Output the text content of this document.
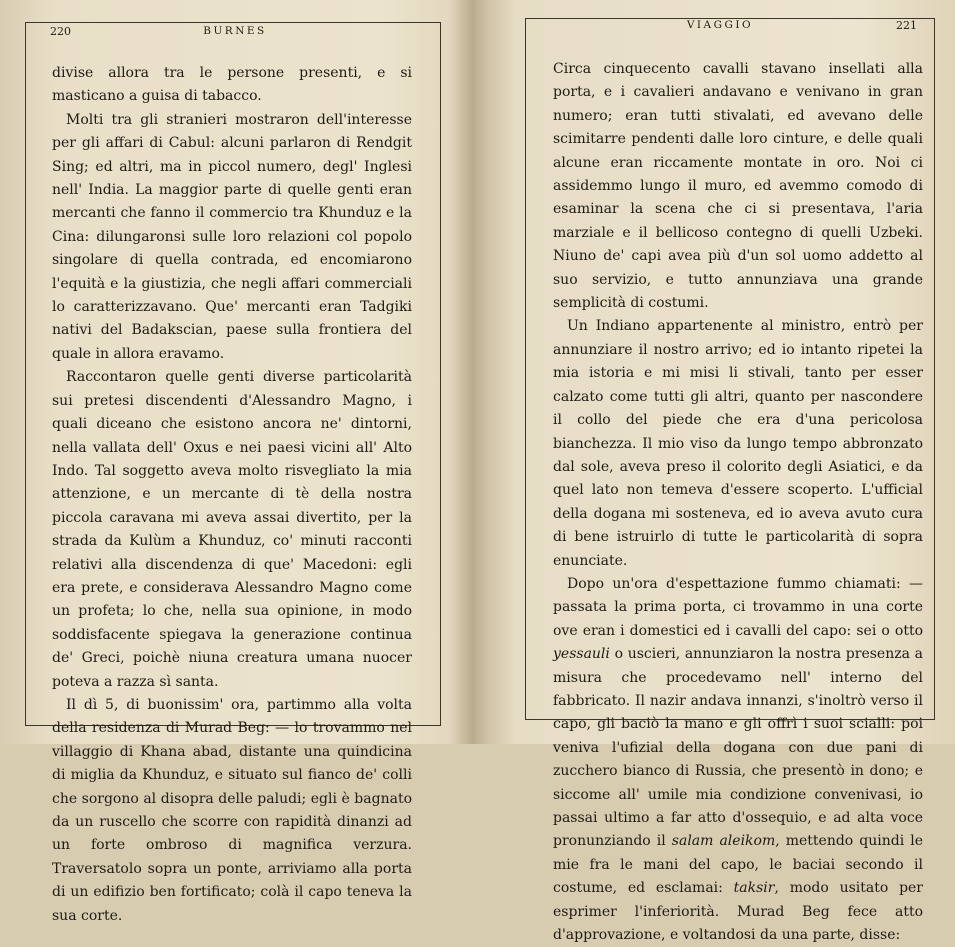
220	BURNES

divise allora tra le persone presenti, e si masticano a guisa di tabacco.

Molti tra gli stranieri mostraron dell'interesse per gli affari di Cabul: alcuni parlaron di Rendgit Sing; ed altri, ma in piccol numero, degl' Inglesi nell' India. La maggior parte di quelle genti eran mercanti che fanno il commercio tra Khunduz e la Cina: dilungaronsi sulle loro relazioni col popolo singolare di quella contrada, ed encomiarono l'equità e la giustizia, che negli affari commerciali lo caratterizzavano. Que' mercanti eran Tadgiki nativi del Badakscian, paese sulla frontiera del quale in allora eravamo.

Raccontaron quelle genti diverse particolarità sui pretesi discendenti d'Alessandro Magno, i quali diceano che esistono ancora ne' dintorni, nella vallata dell' Oxus e nei paesi vicini all' Alto Indo. Tal soggetto aveva molto risvegliato la mia attenzione, e un mercante di tè della nostra piccola caravana mi aveva assai divertito, per la strada da Kulùm a Khunduz, co' minuti racconti relativi alla discendenza di que' Macedoni: egli era prete, e considerava Alessandro Magno come un profeta; lo che, nella sua opinione, in modo soddisfacente spiegava la generazione continua de' Greci, poichè niuna creatura umana nuocer poteva a razza sì santa.

Il dì 5, di buonissim' ora, partimmo alla volta della residenza di Murad Beg: — lo trovammo nel villaggio di Khana abad, distante una quindicina di miglia da Khunduz, e situato sul fianco de' colli che sorgono al disopra delle paludi; egli è bagnato da un ruscello che scorre con rapidità dinanzi ad un forte ombroso di magnifica verzura. Traversatolo sopra un ponte, arriviamo alla porta di un edifizio ben fortificato; colà il capo teneva la sua corte.

VIAGGIO	221

Circa cinquecento cavalli stavano insellati alla porta, e i cavalieri andavano e venivano in gran numero; eran tutti stivalati, ed avevano delle scimitarre pendenti dalle loro cinture, e delle quali alcune eran riccamente montate in oro. Noi ci assidemmo lungo il muro, ed avemmo comodo di esaminar la scena che ci si presentava, l'aria marziale e il bellicoso contegno di quelli Uzbeki. Niuno de' capi avea più d'un sol uomo addetto al suo servizio, e tutto annunziava una grande semplicità di costumi.

Un Indiano appartenente al ministro, entrò per annunziare il nostro arrivo; ed io intanto ripetei la mia istoria e mi misi li stivali, tanto per esser calzato come tutti gli altri, quanto per nascondere il collo del piede che era d'una pericolosa bianchezza. Il mio viso da lungo tempo abbronzato dal sole, aveva preso il colorito degli Asiatici, e da quel lato non temeva d'essere scoperto. L'ufficial della dogana mi sosteneva, ed io aveva avuto cura di bene istruirlo di tutte le particolarità di sopra enunciate.

Dopo un'ora d'espettazione fummo chiamati: — passata la prima porta, ci trovammo in una corte ove eran i domestici ed i cavalli del capo: sei o otto yessauli o uscieri, annunziaron la nostra presenza a misura che procedevamo nell' interno del fabbricato. Il nazir andava innanzi, s'inoltrò verso il capo, gli baciò la mano e gli offrì i suoi scialli: poi veniva l'ufizial della dogana con due pani di zucchero bianco di Russia, che presentò in dono; e siccome all' umile mia condizione convenivasi, io passai ultimo a far atto d'ossequio, e ad alta voce pronunziando il salam aleikom, mettendo quindi le mie fra le mani del capo, le baciai secondo il costume, ed esclamai: taksir, modo usitato per esprimer l'inferiorità. Murad Beg fece atto d'approvazione, e voltandosi da una parte, disse:
